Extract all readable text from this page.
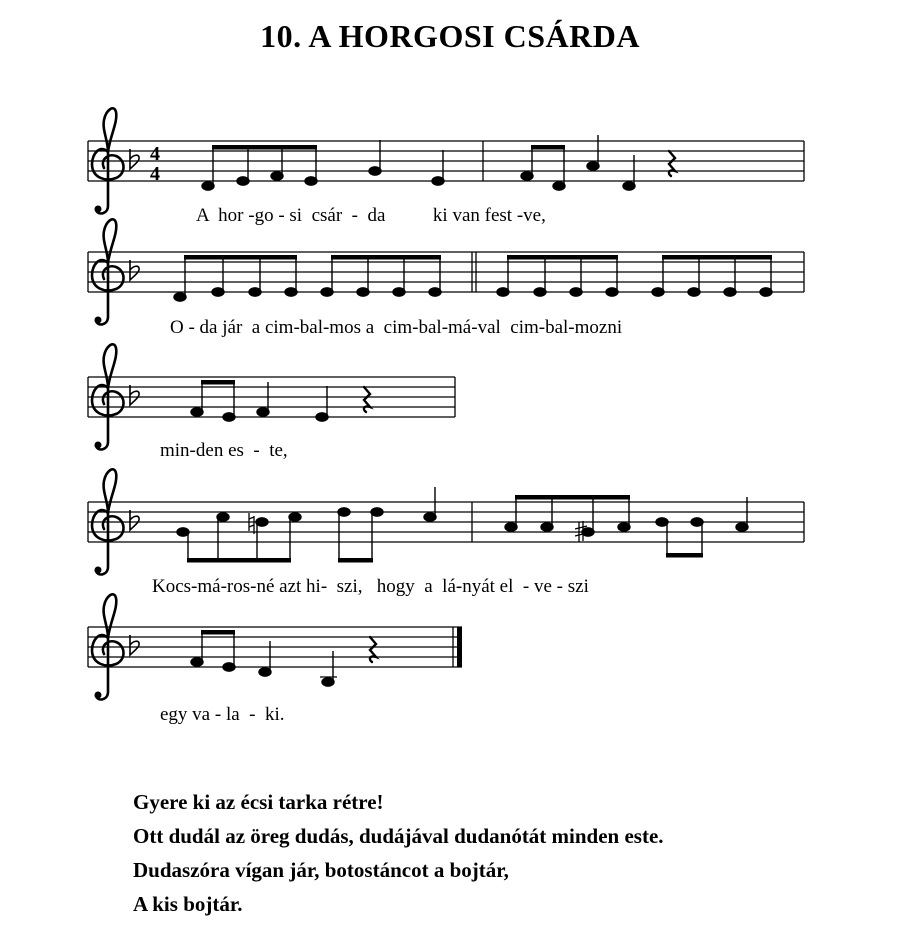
10. A HORGOSI CSÁRDA
4
4
A  hor -go - si  csár  -  da          ki van fest -ve,
O - da jár  a cim-bal-mos a  cim-bal-má-val  cim-bal-mozni
min-den es  -  te,
Kocs-má-ros-né azt hi-  szi,   hogy  a  lá-nyát el  - ve - szi
egy va - la  -  ki.
Gyere ki az écsi tarka rétre!
Ott dudál az öreg dudás, dudájával dudanótát minden este.
Dudaszóra vígan jár, botostáncot a bojtár,
A kis bojtár.
